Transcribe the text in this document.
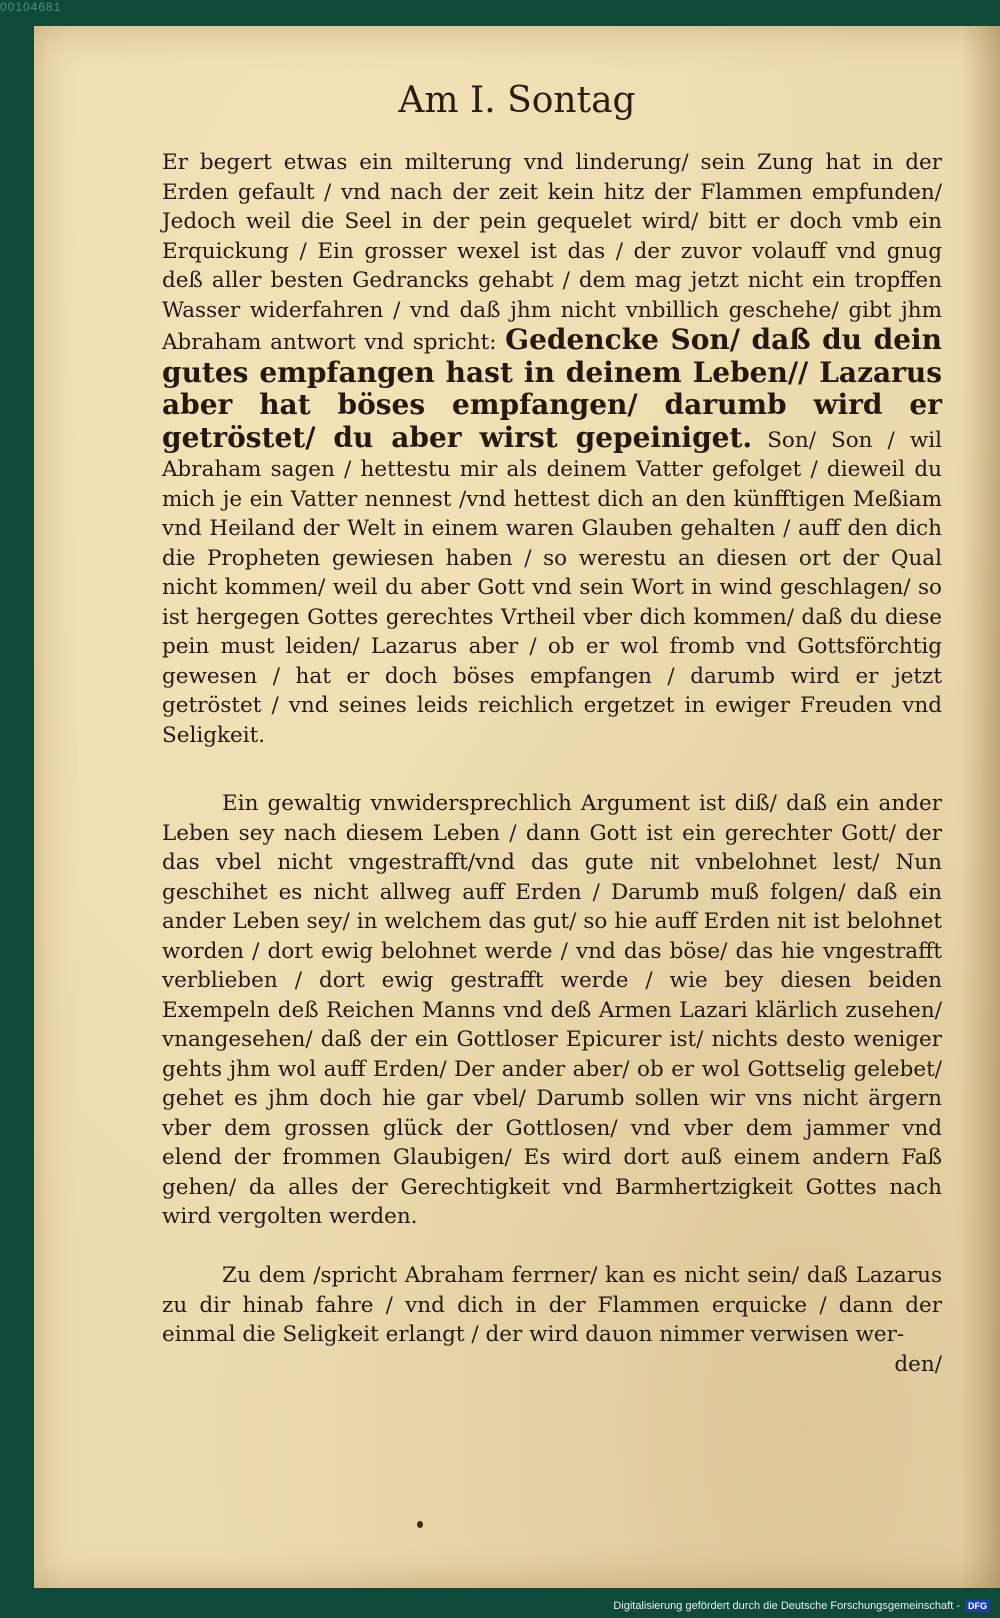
00104681
Am I. Sontag
Er begert etwas ein milterung vnd linderung/ sein Zung hat in der Erden gefault / vnd nach der zeit kein hitz der Flammen empfunden/ Jedoch weil die Seel in der pein gequelet wird/ bitt er doch vmb ein Erquickung / Ein grosser wexel ist das / der zuvor volauff vnd gnug deß aller besten Gedrancks gehabt / dem mag jetzt nicht ein tropffen Wasser widerfahren / vnd daß jhm nicht vnbillich geschehe/ gibt jhm Abraham antwort vnd spricht: Gedencke Son/ daß du dein gutes empfangen hast in deinem Leben// Lazarus aber hat böses empfangen/ darumb wird er getröstet/ du aber wirst gepeiniget. Son/ Son / wil Abraham sagen / hettestu mir als deinem Vatter gefolget / dieweil du mich je ein Vatter nennest /vnd hettest dich an den künfftigen Meßiam vnd Heiland der Welt in einem waren Glauben gehalten / auff den dich die Propheten gewiesen haben / so werestu an diesen ort der Qual nicht kommen/ weil du aber Gott vnd sein Wort in wind geschlagen/ so ist hergegen Gottes gerechtes Vrtheil vber dich kommen/ daß du diese pein must leiden/ Lazarus aber / ob er wol fromb vnd Gottsförchtig gewesen / hat er doch böses empfangen / darumb wird er jetzt getröstet / vnd seines leids reichlich ergetzet in ewiger Freuden vnd Seligkeit.
Ein gewaltig vnwidersprechlich Argument ist diß/ daß ein ander Leben sey nach diesem Leben / dann Gott ist ein gerechter Gott/ der das vbel nicht vngestrafft/vnd das gute nit vnbelohnet lest/ Nun geschihet es nicht allweg auff Erden / Darumb muß folgen/ daß ein ander Leben sey/ in welchem das gut/ so hie auff Erden nit ist belohnet worden / dort ewig belohnet werde / vnd das böse/ das hie vngestrafft verblieben / dort ewig gestrafft werde / wie bey diesen beiden Exempeln deß Reichen Manns vnd deß Armen Lazari klärlich zusehen/ vnangesehen/ daß der ein Gottloser Epicurer ist/ nichts desto weniger gehts jhm wol auff Erden/ Der ander aber/ ob er wol Gottselig gelebet/ gehet es jhm doch hie gar vbel/ Darumb sollen wir vns nicht ärgern vber dem grossen glück der Gottlosen/ vnd vber dem jammer vnd elend der frommen Glaubigen/ Es wird dort auß einem andern Faß gehen/ da alles der Gerechtigkeit vnd Barmhertzigkeit Gottes nach wird vergolten werden.
Zu dem /spricht Abraham ferrner/ kan es nicht sein/ daß Lazarus zu dir hinab fahre / vnd dich in der Flammen erquicke / dann der einmal die Seligkeit erlangt / der wird dauon nimmer verwisen wer-
den/
Digitalisierung gefördert durch die Deutsche Forschungsgemeinschaft - DFG
